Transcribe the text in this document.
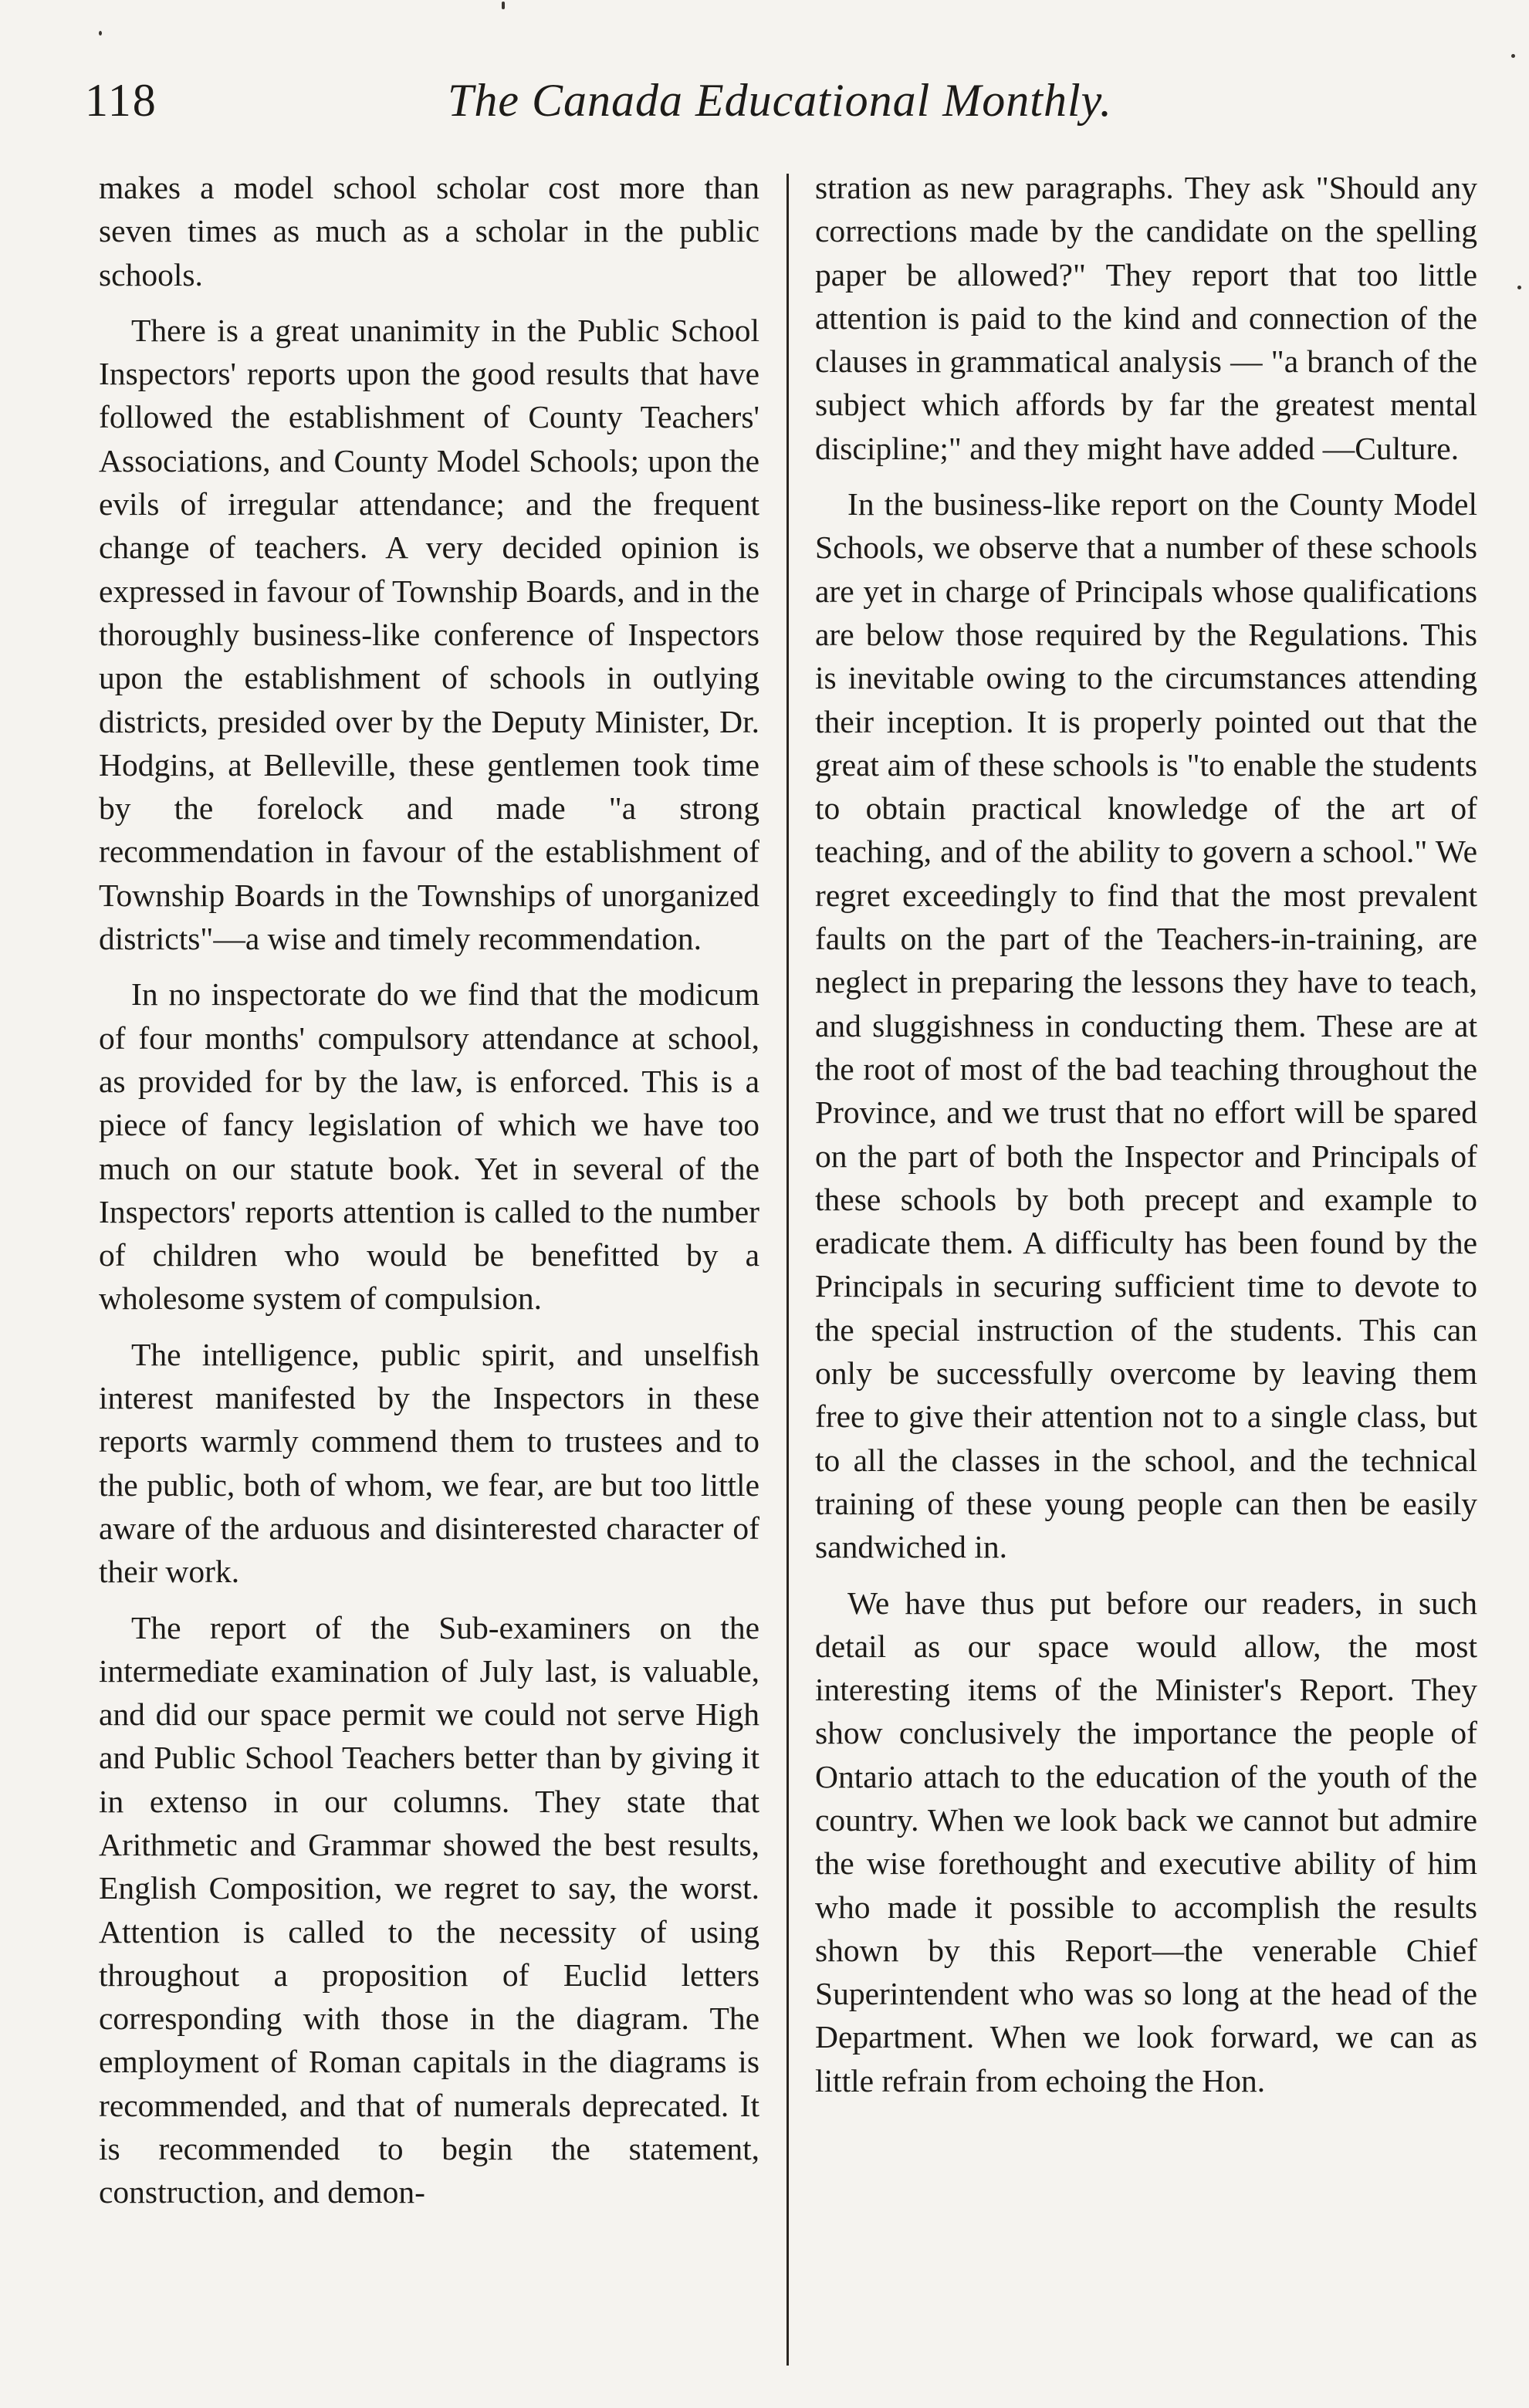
118	The Canada Educational Monthly.

makes a model school scholar cost more than seven times as much as a scholar in the public schools.

There is a great unanimity in the Public School Inspectors' reports upon the good results that have followed the establishment of County Teachers' Associations, and County Model Schools; upon the evils of irregular attendance; and the frequent change of teachers. A very decided opinion is expressed in favour of Township Boards, and in the thoroughly business-like conference of Inspectors upon the establishment of schools in outlying districts, presided over by the Deputy Minister, Dr. Hodgins, at Belleville, these gentlemen took time by the forelock and made "a strong recommendation in favour of the establishment of Township Boards in the Townships of unorganized districts"—a wise and timely recommendation.

In no inspectorate do we find that the modicum of four months' compulsory attendance at school, as provided for by the law, is enforced. This is a piece of fancy legislation of which we have too much on our statute book. Yet in several of the Inspectors' reports attention is called to the number of children who would be benefitted by a wholesome system of compulsion.

The intelligence, public spirit, and unselfish interest manifested by the Inspectors in these reports warmly commend them to trustees and to the public, both of whom, we fear, are but too little aware of the arduous and disinterested character of their work.

The report of the Sub-examiners on the intermediate examination of July last, is valuable, and did our space permit we could not serve High and Public School Teachers better than by giving it in extenso in our columns. They state that Arithmetic and Grammar showed the best results, English Composition, we regret to say, the worst. Attention is called to the necessity of using throughout a proposition of Euclid letters corresponding with those in the diagram. The employment of Roman capitals in the diagrams is recommended, and that of numerals deprecated. It is recommended to begin the statement, construction, and demon-

stration as new paragraphs. They ask "Should any corrections made by the candidate on the spelling paper be allowed?" They report that too little attention is paid to the kind and connection of the clauses in grammatical analysis — "a branch of the subject which affords by far the greatest mental discipline;" and they might have added —Culture.

In the business-like report on the County Model Schools, we observe that a number of these schools are yet in charge of Principals whose qualifications are below those required by the Regulations. This is inevitable owing to the circumstances attending their inception. It is properly pointed out that the great aim of these schools is "to enable the students to obtain practical knowledge of the art of teaching, and of the ability to govern a school." We regret exceedingly to find that the most prevalent faults on the part of the Teachers-in-training, are neglect in preparing the lessons they have to teach, and sluggishness in conducting them. These are at the root of most of the bad teaching throughout the Province, and we trust that no effort will be spared on the part of both the Inspector and Principals of these schools by both precept and example to eradicate them. A difficulty has been found by the Principals in securing sufficient time to devote to the special instruction of the students. This can only be successfully overcome by leaving them free to give their attention not to a single class, but to all the classes in the school, and the technical training of these young people can then be easily sandwiched in.

We have thus put before our readers, in such detail as our space would allow, the most interesting items of the Minister's Report. They show conclusively the importance the people of Ontario attach to the education of the youth of the country. When we look back we cannot but admire the wise forethought and executive ability of him who made it possible to accomplish the results shown by this Report—the venerable Chief Superintendent who was so long at the head of the Department. When we look forward, we can as little refrain from echoing the Hon.
